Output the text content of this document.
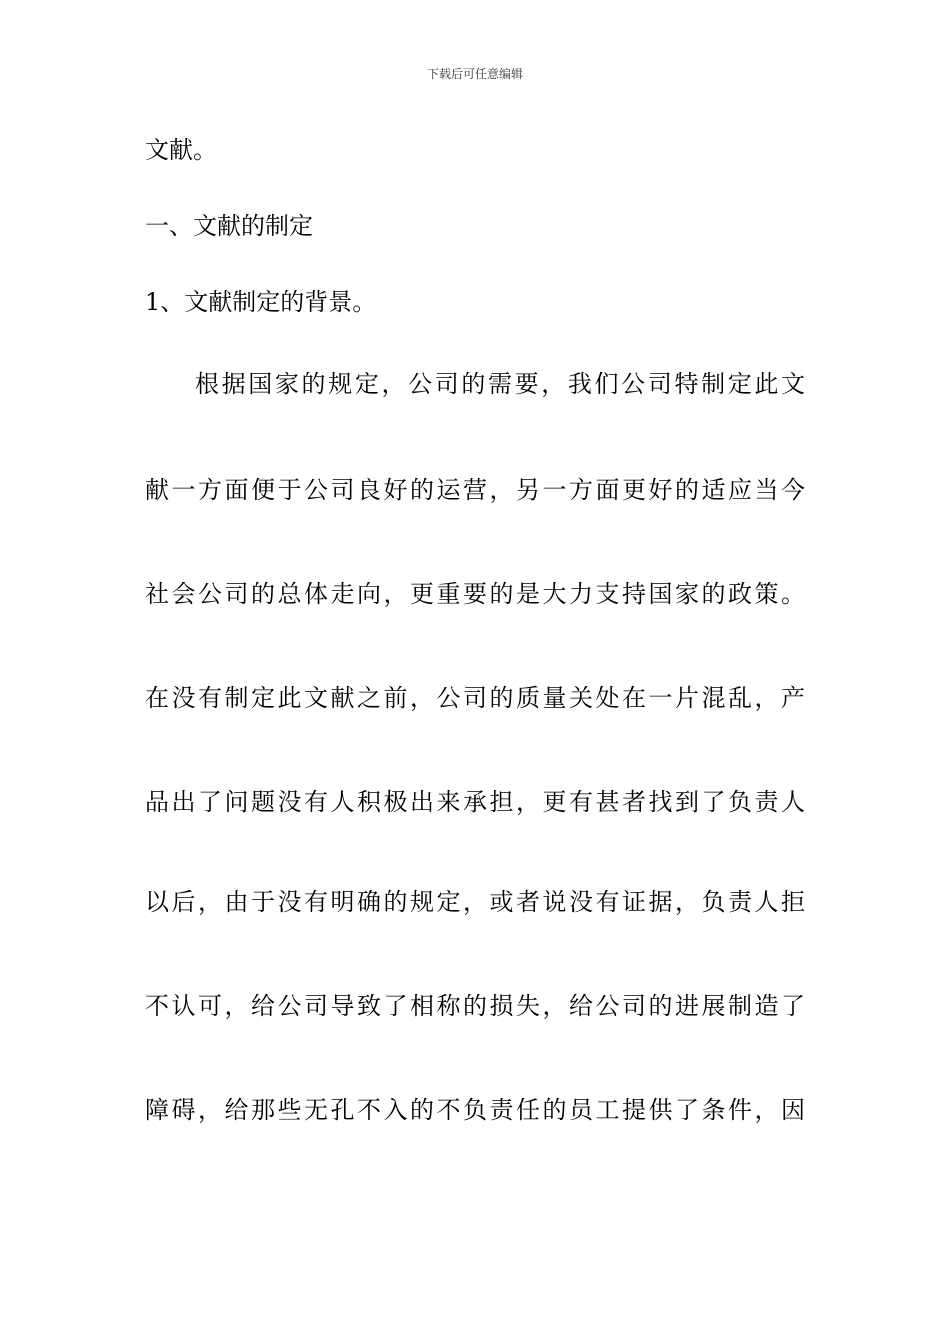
下载后可任意编辑
文献。
一、文献的制定
1、文献制定的背景。
根据国家的规定，公司的需要，我们公司特制定此文
献一方面便于公司良好的运营，另一方面更好的适应当今
社会公司的总体走向，更重要的是大力支持国家的政策。
在没有制定此文献之前，公司的质量关处在一片混乱，产
品出了问题没有人积极出来承担，更有甚者找到了负责人
以后，由于没有明确的规定，或者说没有证据，负责人拒
不认可，给公司导致了相称的损失，给公司的进展制造了
障碍，给那些无孔不入的不负责任的员工提供了条件，因
